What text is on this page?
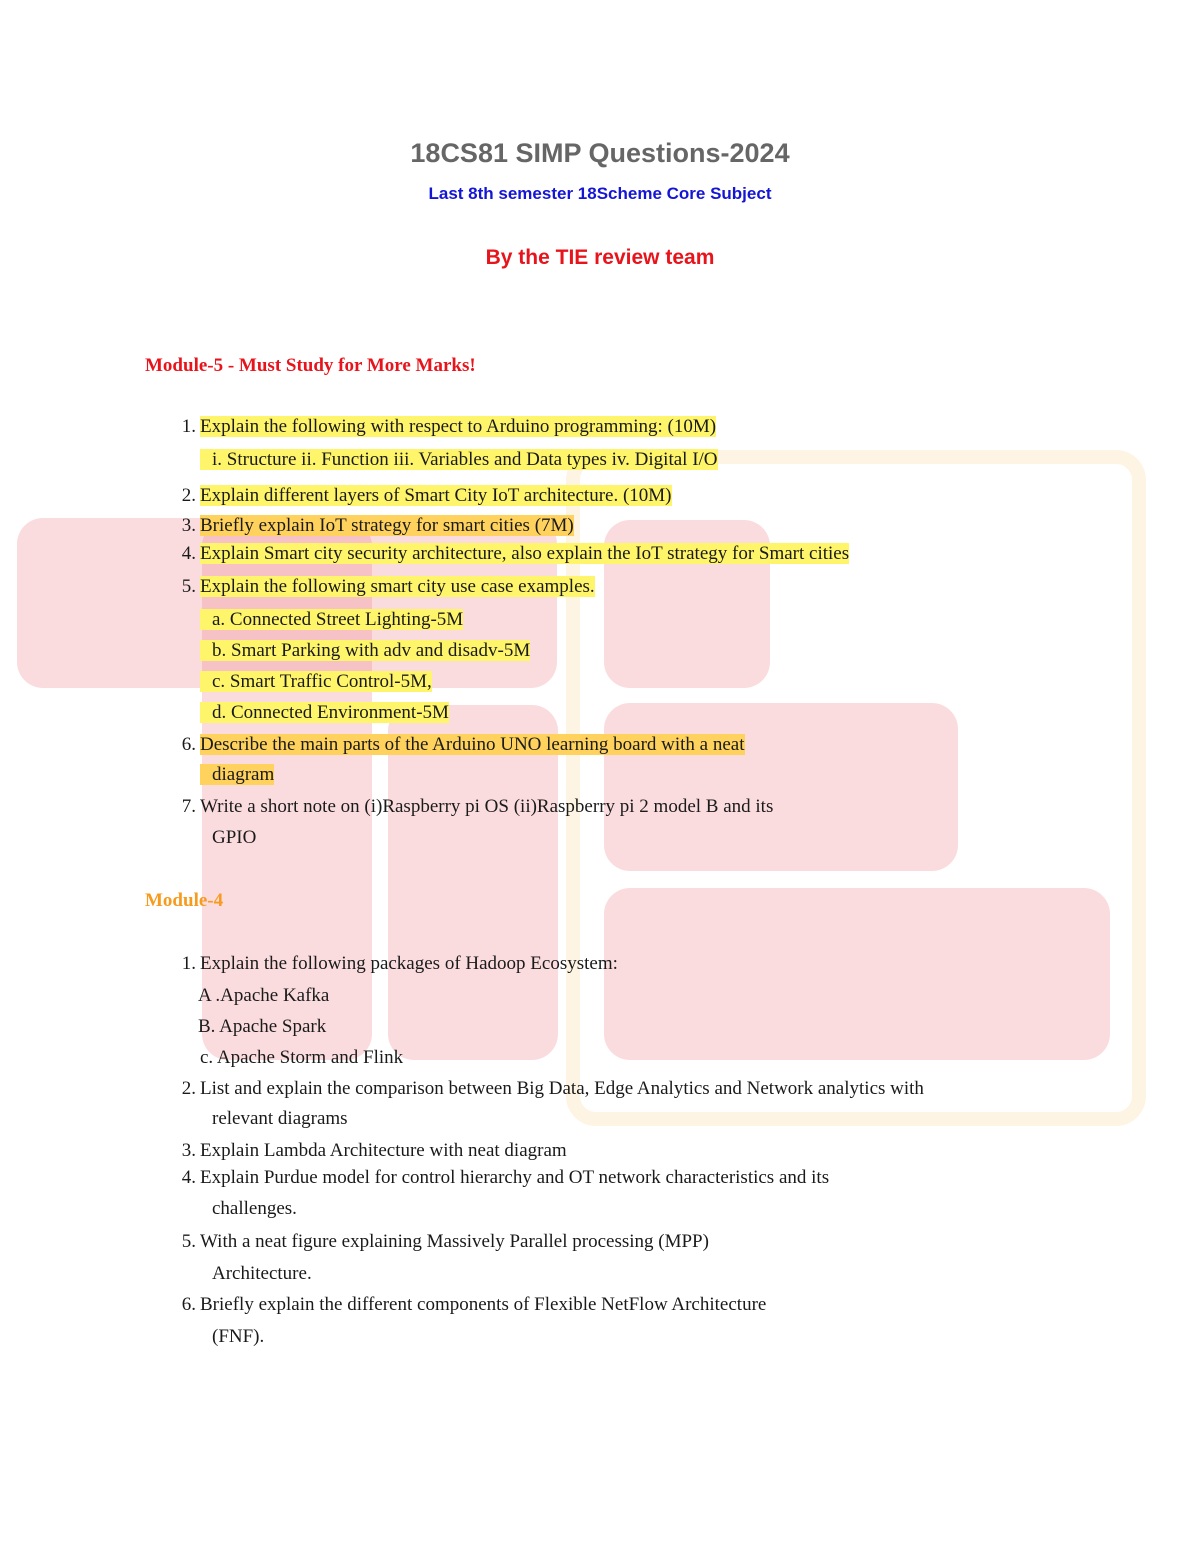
18CS81 SIMP Questions-2024
Last 8th semester 18Scheme Core Subject
By the TIE review team
Module-5 - Must Study for More Marks!
1. Explain the following with respect to Arduino programming: (10M)
i. Structure ii. Function iii. Variables and Data types iv. Digital I/O
2. Explain different layers of Smart City IoT architecture. (10M)
3. Briefly explain IoT strategy for smart cities (7M)
4. Explain Smart city security architecture, also explain the IoT strategy for Smart cities
5. Explain the following smart city use case examples.
a. Connected Street Lighting-5M
b. Smart Parking with adv and disadv-5M
c. Smart Traffic Control-5M,
d. Connected Environment-5M
6. Describe the main parts of the Arduino UNO learning board with a neat
diagram
7. Write a short note on (i)Raspberry pi OS (ii)Raspberry pi 2 model B and its
GPIO
Module-4
1. Explain the following packages of Hadoop Ecosystem:
A .Apache Kafka
B. Apache Spark
c. Apache Storm and Flink
2. List and explain the comparison between Big Data, Edge Analytics and Network analytics with
relevant diagrams
3. Explain Lambda Architecture with neat diagram
4. Explain Purdue model for control hierarchy and OT network characteristics and its
challenges.
5. With a neat figure explaining Massively Parallel processing (MPP)
Architecture.
6. Briefly explain the different components of Flexible NetFlow Architecture
(FNF).
